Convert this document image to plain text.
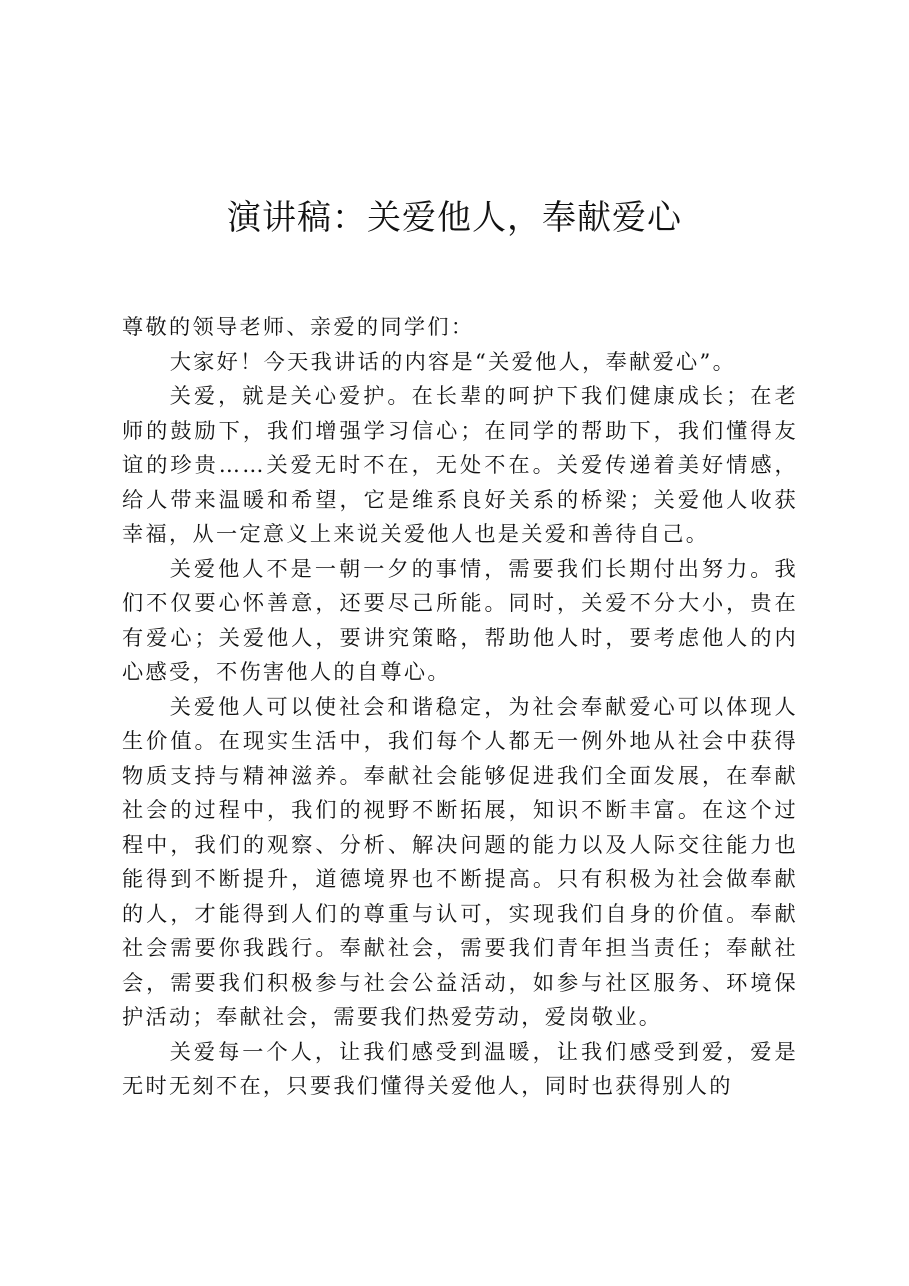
演讲稿：关爱他人，奉献爱心

尊敬的领导老师、亲爱的同学们：

大家好！今天我讲话的内容是“关爱他人，奉献爱心”。

关爱，就是关心爱护。在长辈的呵护下我们健康成长；在老师的鼓励下，我们增强学习信心；在同学的帮助下，我们懂得友谊的珍贵……关爱无时不在，无处不在。关爱传递着美好情感，给人带来温暖和希望，它是维系良好关系的桥梁；关爱他人收获幸福，从一定意义上来说关爱他人也是关爱和善待自己。

关爱他人不是一朝一夕的事情，需要我们长期付出努力。我们不仅要心怀善意，还要尽己所能。同时，关爱不分大小，贵在有爱心；关爱他人，要讲究策略，帮助他人时，要考虑他人的内心感受，不伤害他人的自尊心。

关爱他人可以使社会和谐稳定，为社会奉献爱心可以体现人生价值。在现实生活中，我们每个人都无一例外地从社会中获得物质支持与精神滋养。奉献社会能够促进我们全面发展，在奉献社会的过程中，我们的视野不断拓展，知识不断丰富。在这个过程中，我们的观察、分析、解决问题的能力以及人际交往能力也能得到不断提升，道德境界也不断提高。只有积极为社会做奉献的人，才能得到人们的尊重与认可，实现我们自身的价值。奉献社会需要你我践行。奉献社会，需要我们青年担当责任；奉献社会，需要我们积极参与社会公益活动，如参与社区服务、环境保护活动；奉献社会，需要我们热爱劳动，爱岗敬业。

关爱每一个人，让我们感受到温暖，让我们感受到爱，爱是无时无刻不在，只要我们懂得关爱他人，同时也获得别人的
